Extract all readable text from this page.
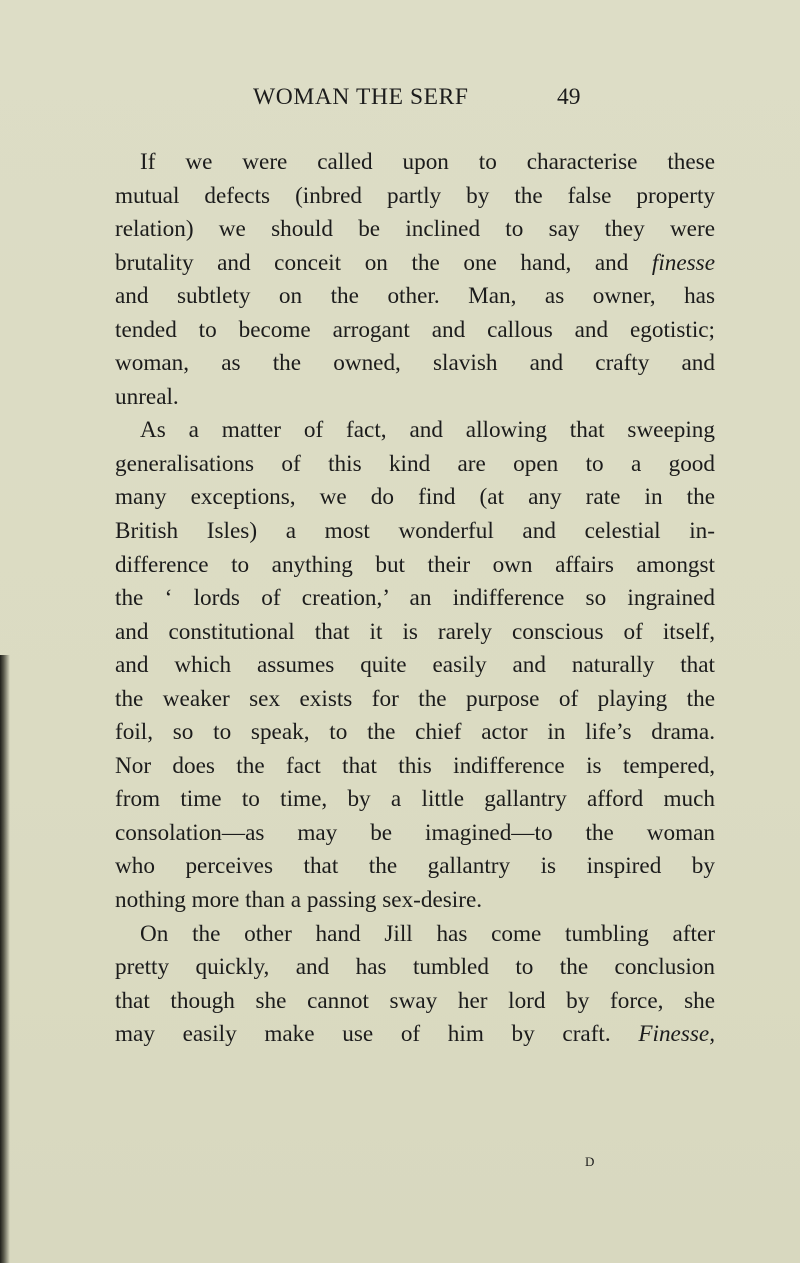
WOMAN THE SERF	49
If we were called upon to characterise these
mutual defects (inbred partly by the false property
relation) we should be inclined to say they were
brutality and conceit on the one hand, and finesse
and subtlety on the other. Man, as owner, has
tended to become arrogant and callous and egotistic;
woman, as the owned, slavish and crafty and
unreal.
As a matter of fact, and allowing that sweeping
generalisations of this kind are open to a good
many exceptions, we do find (at any rate in the
British Isles) a most wonderful and celestial in-
difference to anything but their own affairs amongst
the ‘ lords of creation,’ an indifference so ingrained
and constitutional that it is rarely conscious of itself,
and which assumes quite easily and naturally that
the weaker sex exists for the purpose of playing the
foil, so to speak, to the chief actor in life’s drama.
Nor does the fact that this indifference is tempered,
from time to time, by a little gallantry afford much
consolation—as may be imagined—to the woman
who perceives that the gallantry is inspired by
nothing more than a passing sex-desire.
On the other hand Jill has come tumbling after
pretty quickly, and has tumbled to the conclusion
that though she cannot sway her lord by force, she
may easily make use of him by craft. Finesse,
D
